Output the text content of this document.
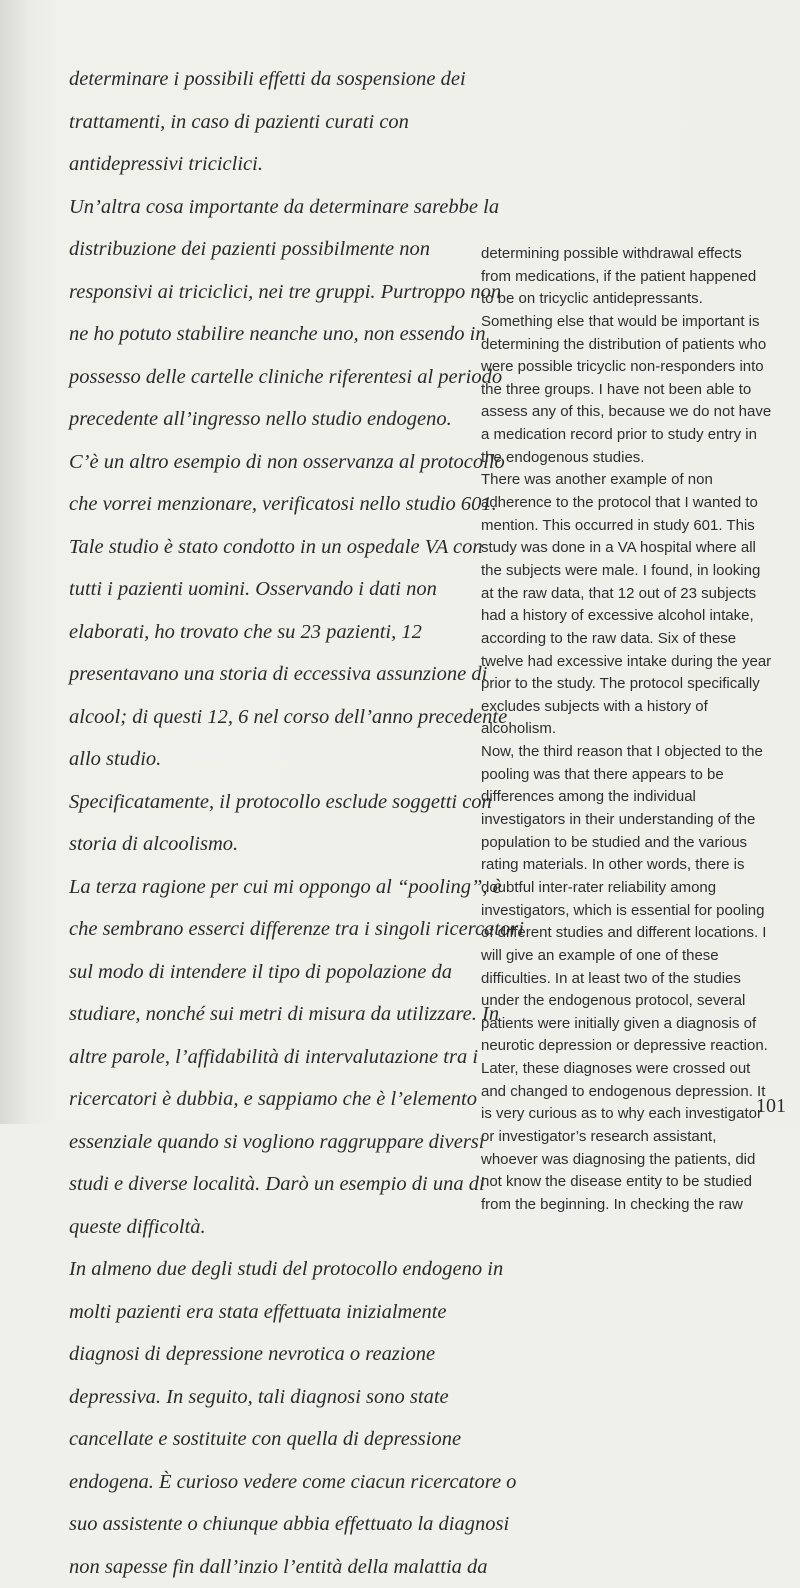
determinare i possibili effetti da sospensione dei
trattamenti, in caso di pazienti curati con
antidepressivi triciclici.
Un’altra cosa importante da determinare sarebbe la
distribuzione dei pazienti possibilmente non
responsivi ai triciclici, nei tre gruppi. Purtroppo non
ne ho potuto stabilire neanche uno, non essendo in
possesso delle cartelle cliniche riferentesi al periodo
precedente all’ingresso nello studio endogeno.
C’è un altro esempio di non osservanza al protocollo
che vorrei menzionare, verificatosi nello studio 601.
Tale studio è stato condotto in un ospedale VA con
tutti i pazienti uomini. Osservando i dati non
elaborati, ho trovato che su 23 pazienti, 12
presentavano una storia di eccessiva assunzione di
alcool; di questi 12, 6 nel corso dell’anno precedente
allo studio.
Specificatamente, il protocollo esclude soggetti con
storia di alcoolismo.
La terza ragione per cui mi oppongo al “pooling”, è
che sembrano esserci differenze tra i singoli ricercatori
sul modo di intendere il tipo di popolazione da
studiare, nonché sui metri di misura da utilizzare. In
altre parole, l’affidabilità di intervalutazione tra i
ricercatori è dubbia, e sappiamo che è l’elemento
essenziale quando si vogliono raggruppare diversi
studi e diverse località. Darò un esempio di una di
queste difficoltà.
In almeno due degli studi del protocollo endogeno in
molti pazienti era stata effettuata inizialmente
diagnosi di depressione nevrotica o reazione
depressiva. In seguito, tali diagnosi sono state
cancellate e sostituite con quella di depressione
endogena. È curioso vedere come ciacun ricercatore o
suo assistente o chiunque abbia effettuato la diagnosi
non sapesse fin dall’inzio l’entità della malattia da
determining possible withdrawal effects
from medications, if the patient happened
to be on tricyclic antidepressants.
Something else that would be important is
determining the distribution of patients who
were possible tricyclic non-responders into
the three groups. I have not been able to
assess any of this, because we do not have
a medication record prior to study entry in
the endogenous studies.
There was another example of non
adherence to the protocol that I wanted to
mention. This occurred in study 601. This
study was done in a VA hospital where all
the subjects were male. I found, in looking
at the raw data, that 12 out of 23 subjects
had a history of excessive alcohol intake,
according to the raw data. Six of these
twelve had excessive intake during the year
prior to the study. The protocol specifically
excludes subjects with a history of
alcoholism.
Now, the third reason that I objected to the
pooling was that there appears to be
differences among the individual
investigators in their understanding of the
population to be studied and the various
rating materials. In other words, there is
doubtful inter-rater reliability among
investigators, which is essential for pooling
of different studies and different locations. I
will give an example of one of these
difficulties. In at least two of the studies
under the endogenous protocol, several
patients were initially given a diagnosis of
neurotic depression or depressive reaction.
Later, these diagnoses were crossed out
and changed to endogenous depression. It
is very curious as to why each investigator
or investigator’s research assistant,
whoever was diagnosing the patients, did
not know the disease entity to be studied
from the beginning. In checking the raw
101
